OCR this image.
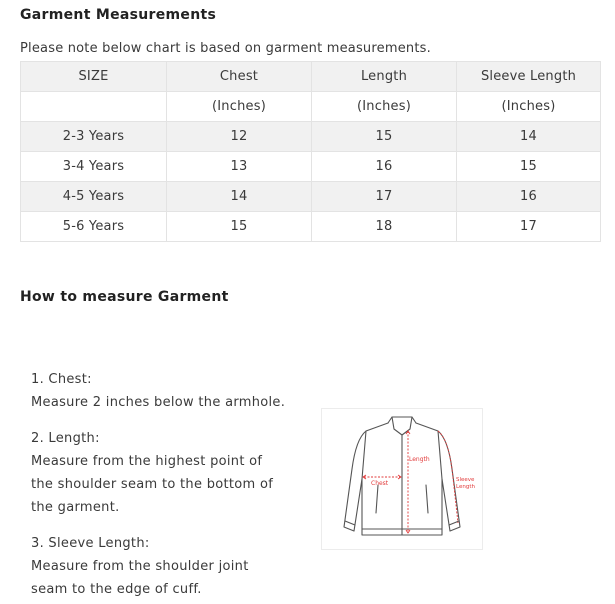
Garment Measurements
Please note below chart is based on garment measurements.
SIZE	Chest	Length	Sleeve Length
	(Inches)	(Inches)	(Inches)
2-3 Years	12	15	14
3-4 Years	13	16	15
4-5 Years	14	17	16
5-6 Years	15	18	17
How to measure Garment
1. Chest:
Measure 2 inches below the armhole.
2. Length:
Measure from the highest point of
the shoulder seam to the bottom of
the garment.
3. Sleeve Length:
Measure from the shoulder joint
seam to the edge of cuff.
Chest
Length
Sleeve
Length
